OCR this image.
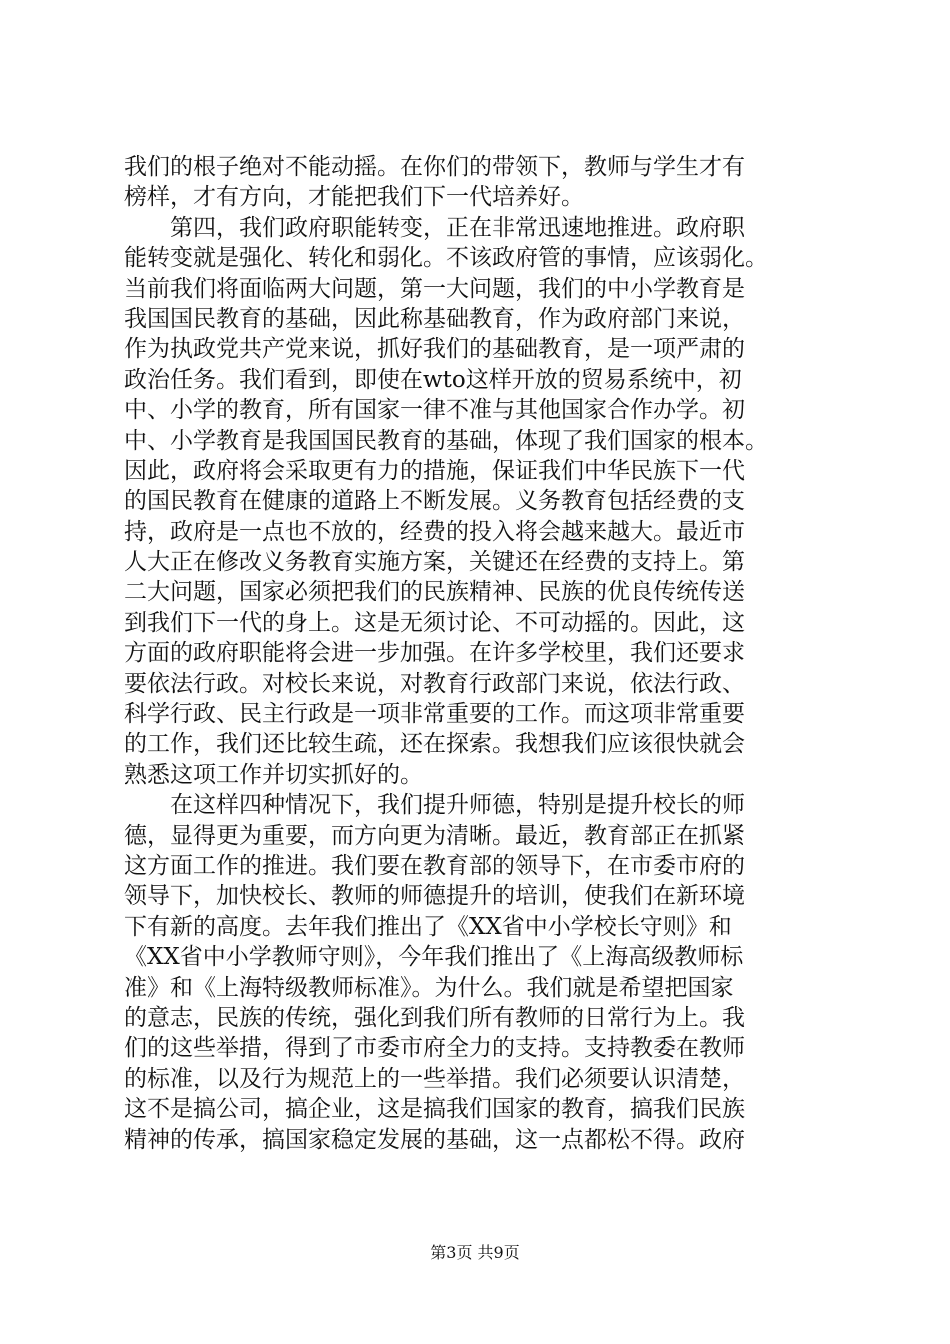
我们的根子绝对不能动摇。在你们的带领下，教师与学生才有
榜样，才有方向，才能把我们下一代培养好。
　　第四，我们政府职能转变，正在非常迅速地推进。政府职
能转变就是强化、转化和弱化。不该政府管的事情，应该弱化。
当前我们将面临两大问题，第一大问题，我们的中小学教育是
我国国民教育的基础，因此称基础教育，作为政府部门来说，
作为执政党共产党来说，抓好我们的基础教育，是一项严肃的
政治任务。我们看到，即使在wto这样开放的贸易系统中，初
中、小学的教育，所有国家一律不准与其他国家合作办学。初
中、小学教育是我国国民教育的基础，体现了我们国家的根本。
因此，政府将会采取更有力的措施，保证我们中华民族下一代
的国民教育在健康的道路上不断发展。义务教育包括经费的支
持，政府是一点也不放的，经费的投入将会越来越大。最近市
人大正在修改义务教育实施方案，关键还在经费的支持上。第
二大问题，国家必须把我们的民族精神、民族的优良传统传送
到我们下一代的身上。这是无须讨论、不可动摇的。因此，这
方面的政府职能将会进一步加强。在许多学校里，我们还要求
要依法行政。对校长来说，对教育行政部门来说，依法行政、
科学行政、民主行政是一项非常重要的工作。而这项非常重要
的工作，我们还比较生疏，还在探索。我想我们应该很快就会
熟悉这项工作并切实抓好的。
　　在这样四种情况下，我们提升师德，特别是提升校长的师
德，显得更为重要，而方向更为清晰。最近，教育部正在抓紧
这方面工作的推进。我们要在教育部的领导下，在市委市府的
领导下，加快校长、教师的师德提升的培训，使我们在新环境
下有新的高度。去年我们推出了《XX省中小学校长守则》和
《XX省中小学教师守则》，今年我们推出了《上海高级教师标
准》和《上海特级教师标准》。为什么。我们就是希望把国家
的意志，民族的传统，强化到我们所有教师的日常行为上。我
们的这些举措，得到了市委市府全力的支持。支持教委在教师
的标准，以及行为规范上的一些举措。我们必须要认识清楚，
这不是搞公司，搞企业，这是搞我们国家的教育，搞我们民族
精神的传承，搞国家稳定发展的基础，这一点都松不得。政府
第3页 共9页
